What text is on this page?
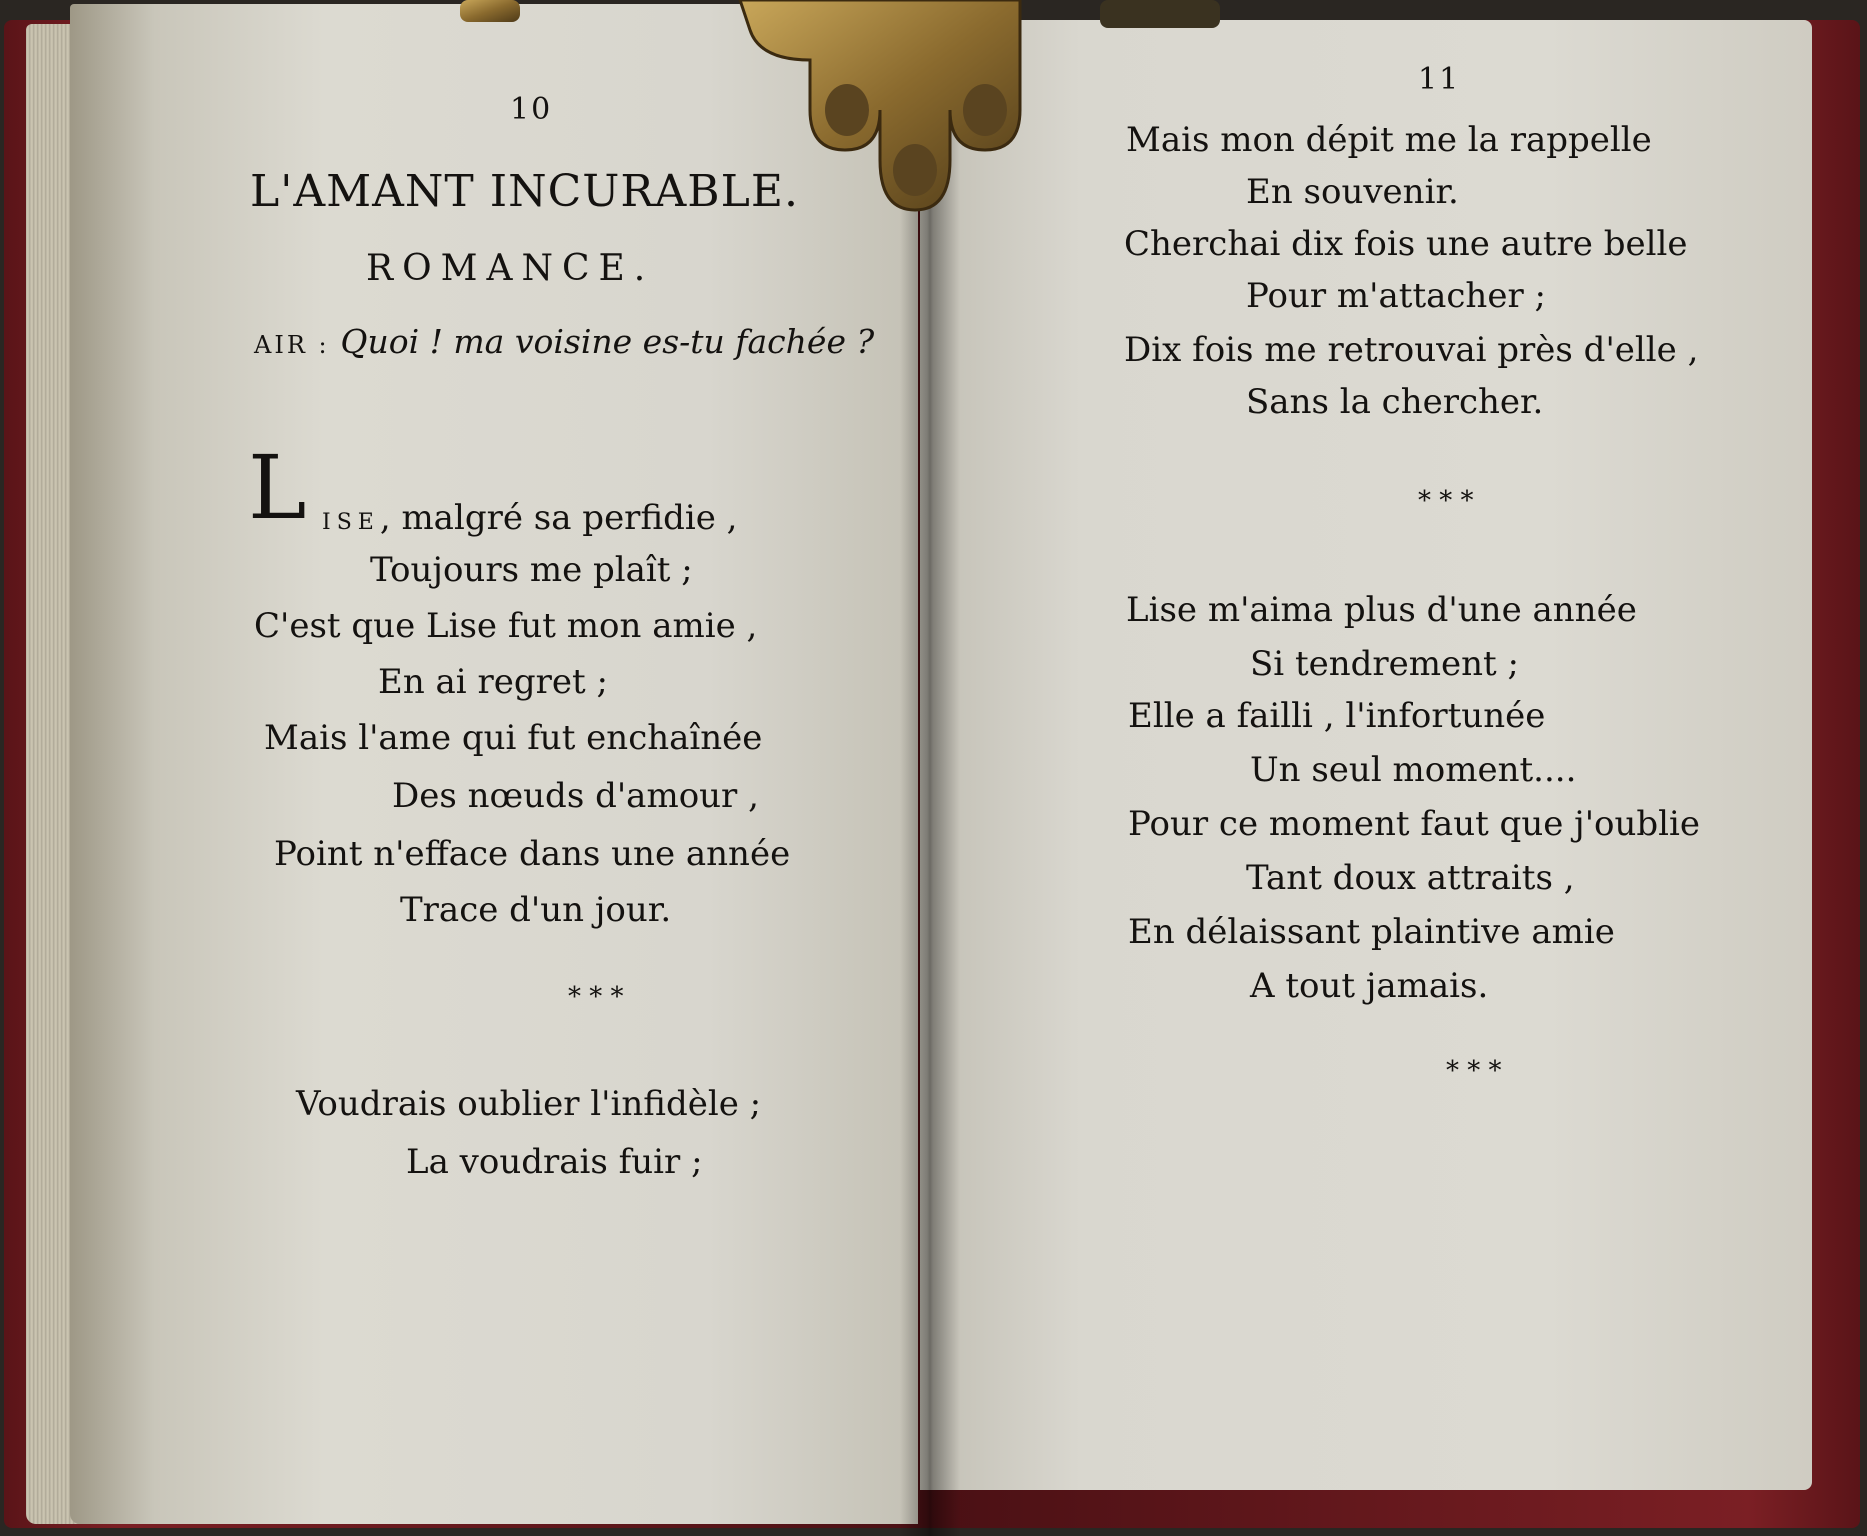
10
L'AMANT INCURABLE.
ROMANCE.
AIR : Quoi ! ma voisine es-tu fachée ?
L ISE, malgré sa perfidie ,
Toujours me plaît ;
C'est que Lise fut mon amie ,
En ai regret ;
Mais l'ame qui fut enchaînée
Des nœuds d'amour ,
Point n'efface dans une année
Trace d'un jour.
* * *
Voudrais oublier l'infidèle ;
La voudrais fuir ;
11
Mais mon dépit me la rappelle
En souvenir.
Cherchai dix fois une autre belle
Pour m'attacher ;
Dix fois me retrouvai près d'elle ,
Sans la chercher.
* * *
Lise m'aima plus d'une année
Si tendrement ;
Elle a failli , l'infortunée
Un seul moment....
Pour ce moment faut que j'oublie
Tant doux attraits ,
En délaissant plaintive amie
A tout jamais.
* * *
